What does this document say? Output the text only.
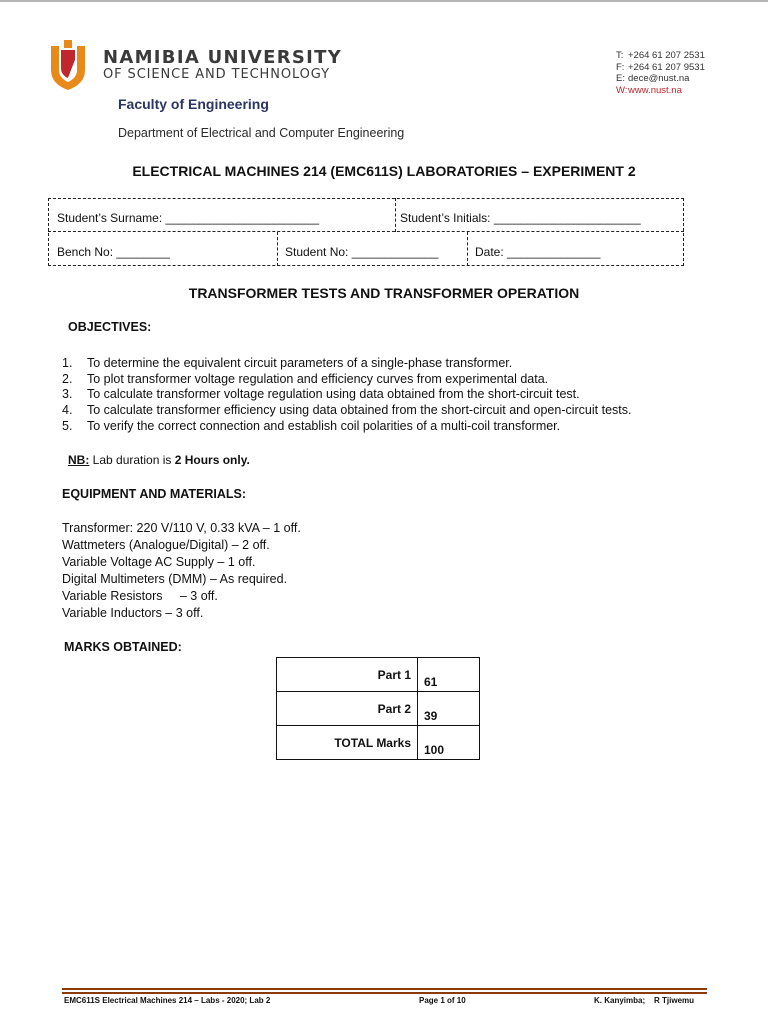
NAMIBIA UNIVERSITY
OF SCIENCE AND TECHNOLOGY
Faculty of Engineering
Department of Electrical and Computer Engineering
T: +264 61 207 2531
F: +264 61 207 9531
E: dece@nust.na
W:www.nust.na
ELECTRICAL MACHINES 214 (EMC611S) LABORATORIES – EXPERIMENT 2
Student’s Surname: _______________________	Student’s Initials: ______________________
Bench No: ________	Student No: _____________	Date: ______________
TRANSFORMER TESTS AND TRANSFORMER OPERATION
OBJECTIVES:
1. To determine the equivalent circuit parameters of a single-phase transformer.
2. To plot transformer voltage regulation and efficiency curves from experimental data.
3. To calculate transformer voltage regulation using data obtained from the short-circuit test.
4. To calculate transformer efficiency using data obtained from the short-circuit and open-circuit tests.
5. To verify the correct connection and establish coil polarities of a multi-coil transformer.
NB: Lab duration is 2 Hours only.
EQUIPMENT AND MATERIALS:
Transformer: 220 V/110 V, 0.33 kVA – 1 off.
Wattmeters (Analogue/Digital) – 2 off.
Variable Voltage AC Supply – 1 off.
Digital Multimeters (DMM) – As required.
Variable Resistors     – 3 off.
Variable Inductors – 3 off.
MARKS OBTAINED:
Part 1	61
Part 2	39
TOTAL Marks	100
EMC611S Electrical Machines 214 – Labs - 2020; Lab 2	Page 1 of 10	K. Kanyimba;    R Tjiwemu
